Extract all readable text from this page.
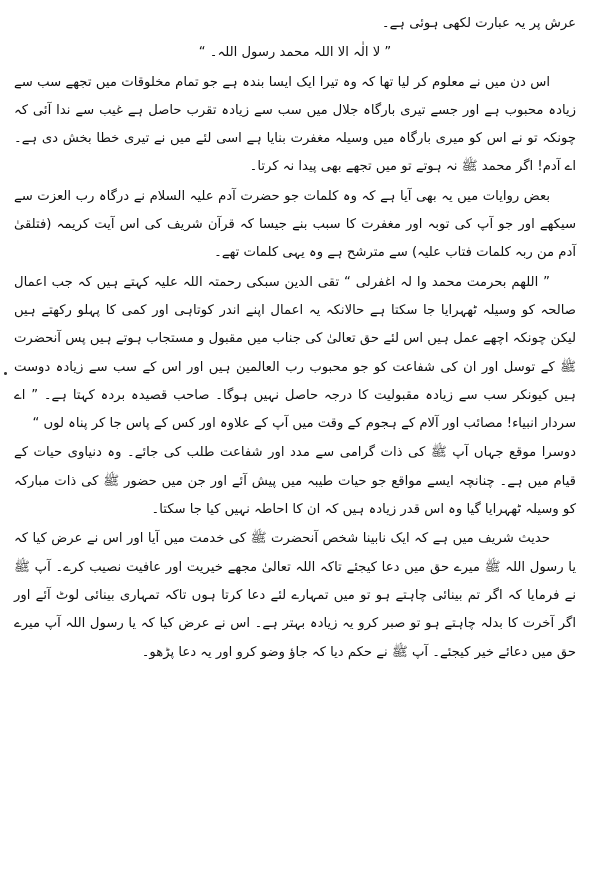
عرش پر یہ عبارت لکھی ہوئی ہے۔

” لا الٰہ الا اللہ محمد رسول اللہ۔ “

اس دن میں نے معلوم کر لیا تھا کہ وہ تیرا ایک ایسا بندہ ہے جو تمام مخلوقات میں تجھے سب سے زیادہ محبوب ہے اور جسے تیری بارگاہ جلال میں سب سے زیادہ تقرب حاصل ہے غیب سے ندا آئی کہ چونکہ تو نے اس کو میری بارگاہ میں وسیلہ مغفرت بنایا ہے اسی لئے میں نے تیری خطا بخش دی ہے۔ اے آدم! اگر محمد ﷺ نہ ہوتے تو میں تجھے بھی پیدا نہ کرتا۔

بعض روایات میں یہ بھی آیا ہے کہ وہ کلمات جو حضرت آدم علیہ السلام نے درگاہ رب العزت سے سیکھے اور جو آپ کی توبہ اور مغفرت کا سبب بنے جیسا کہ قرآن شریف کی اس آیت کریمہ (فتلقیٰ آدم من ربہ کلمات فتاب علیہ) سے مترشح ہے وہ یہی کلمات تھے۔

” اللھم بحرمت محمد وا لہ اغفرلی “ تقی الدین سبکی رحمتہ اللہ علیہ کہتے ہیں کہ جب اعمال صالحہ کو وسیلہ ٹھہرایا جا سکتا ہے حالانکہ یہ اعمال اپنے اندر کوتاہی اور کمی کا پہلو رکھتے ہیں لیکن چونکہ اچھے عمل ہیں اس لئے حق تعالیٰ کی جناب میں مقبول و مستجاب ہوتے ہیں پس آنحضرت ﷺ کے توسل اور ان کی شفاعت کو جو محبوب رب العالمین ہیں اور اس کے سب سے زیادہ دوست ہیں کیونکر سب سے زیادہ مقبولیت کا درجہ حاصل نہیں ہوگا۔ صاحب قصیدہ بردہ کہتا ہے۔ ” اے سردار انبیاء! مصائب اور آلام کے ہجوم کے وقت میں آپ کے علاوہ اور کس کے پاس جا کر پناہ لوں “

دوسرا موقع جہاں آپ ﷺ کی ذات گرامی سے مدد اور شفاعت طلب کی جائے۔ وہ دنیاوی حیات کے قیام میں ہے۔ چنانچہ ایسے مواقع جو حیات طیبہ میں پیش آئے اور جن میں حضور ﷺ کی ذات مبارکہ کو وسیلہ ٹھہرایا گیا وہ اس قدر زیادہ ہیں کہ ان کا احاطہ نہیں کیا جا سکتا۔

حدیث شریف میں ہے کہ ایک نابینا شخص آنحضرت ﷺ کی خدمت میں آیا اور اس نے عرض کیا کہ یا رسول اللہ ﷺ میرے حق میں دعا کیجئے تاکہ اللہ تعالیٰ مجھے خیریت اور عافیت نصیب کرے۔ آپ ﷺ نے فرمایا کہ اگر تم بینائی چاہتے ہو تو میں تمہارے لئے دعا کرتا ہوں تاکہ تمہاری بینائی لوٹ آئے اور اگر آخرت کا بدلہ چاہتے ہو تو صبر کرو یہ زیادہ بہتر ہے۔ اس نے عرض کیا کہ یا رسول اللہ آپ میرے حق میں دعائے خیر کیجئے۔ آپ ﷺ نے حکم دیا کہ جاؤ وضو کرو اور یہ دعا پڑھو۔
